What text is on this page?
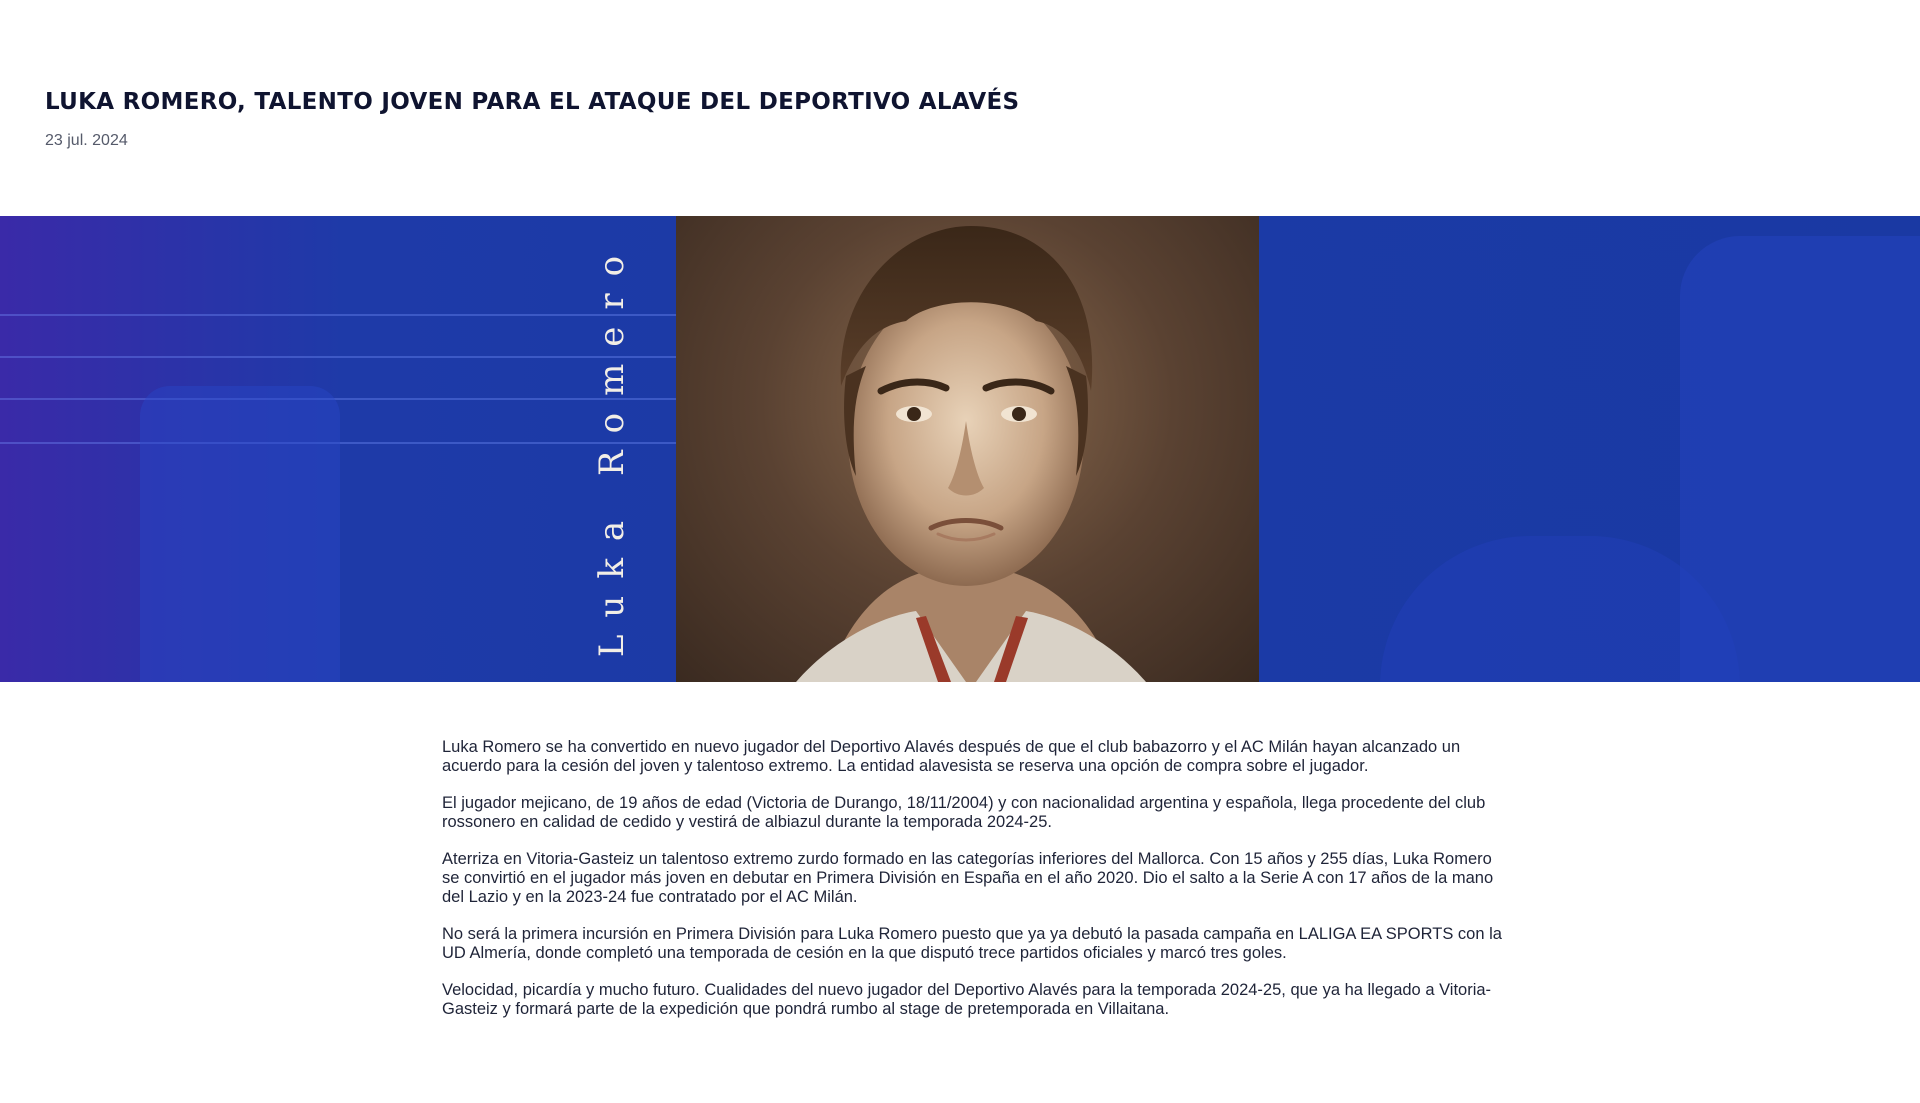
LUKA ROMERO, TALENTO JOVEN PARA EL ATAQUE DEL DEPORTIVO ALAVÉS
23 jul. 2024
Luka Romero

Luka Romero se ha convertido en nuevo jugador del Deportivo Alavés después de que el club babazorro y el AC Milán hayan alcanzado un acuerdo para la cesión del joven y talentoso extremo. La entidad alavesista se reserva una opción de compra sobre el jugador.

El jugador mejicano, de 19 años de edad (Victoria de Durango, 18/11/2004) y con nacionalidad argentina y española, llega procedente del club rossonero en calidad de cedido y vestirá de albiazul durante la temporada 2024-25.

Aterriza en Vitoria-Gasteiz un talentoso extremo zurdo formado en las categorías inferiores del Mallorca. Con 15 años y 255 días, Luka Romero se convirtió en el jugador más joven en debutar en Primera División en España en el año 2020. Dio el salto a la Serie A con 17 años de la mano del Lazio y en la 2023-24 fue contratado por el AC Milán.

No será la primera incursión en Primera División para Luka Romero puesto que ya ya debutó la pasada campaña en LALIGA EA SPORTS con la UD Almería, donde completó una temporada de cesión en la que disputó trece partidos oficiales y marcó tres goles.

Velocidad, picardía y mucho futuro. Cualidades del nuevo jugador del Deportivo Alavés para la temporada 2024-25, que ya ha llegado a Vitoria-Gasteiz y formará parte de la expedición que pondrá rumbo al stage de pretemporada en Villaitana.
